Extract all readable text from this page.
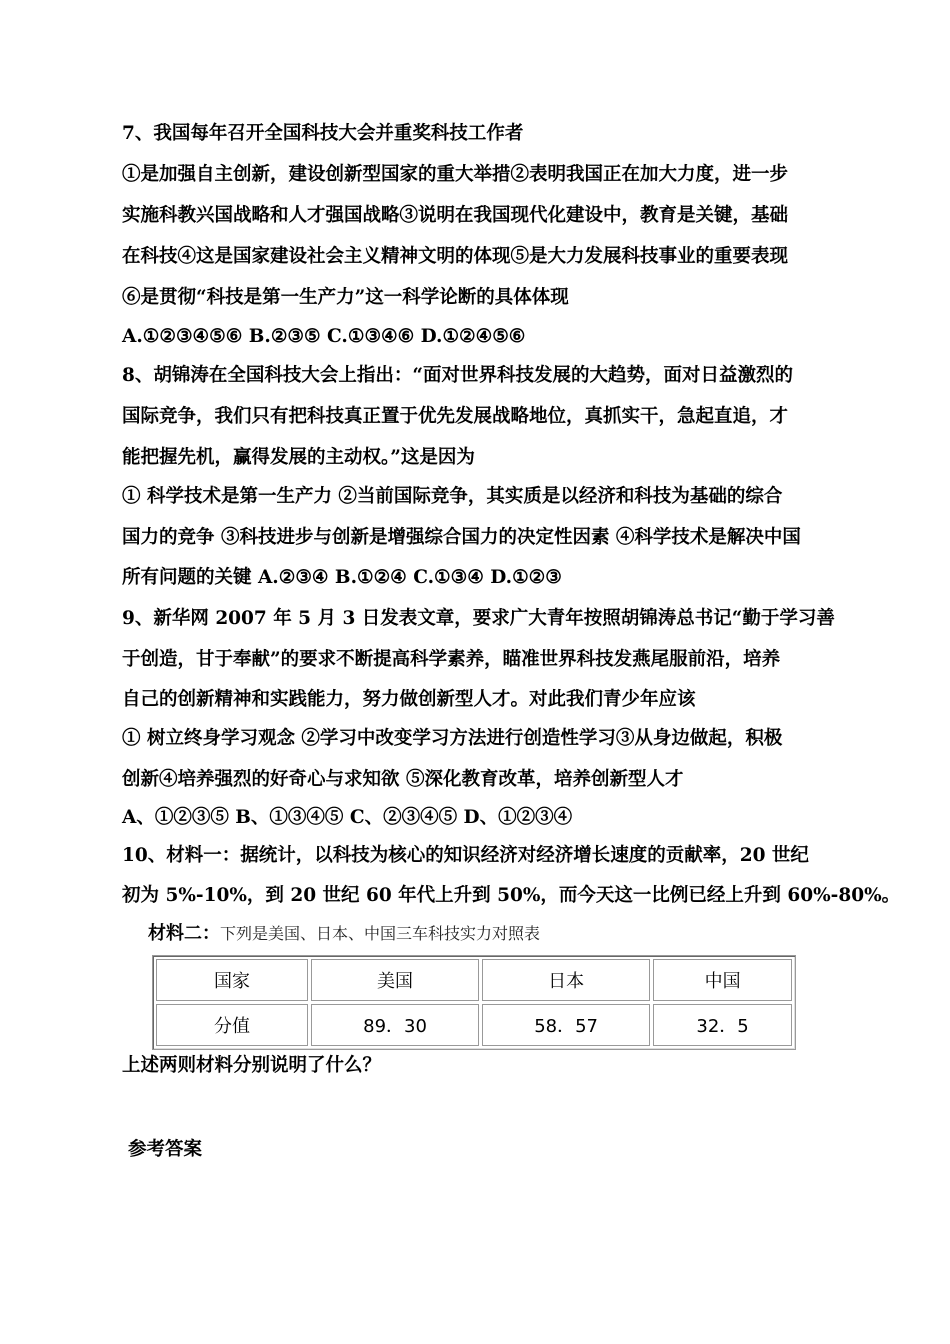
7、我国每年召开全国科技大会并重奖科技工作者
①是加强自主创新，建设创新型国家的重大举措②表明我国正在加大力度，进一步
实施科教兴国战略和人才强国战略③说明在我国现代化建设中，教育是关键，基础
在科技④这是国家建设社会主义精神文明的体现⑤是大力发展科技事业的重要表现
⑥是贯彻“科技是第一生产力”这一科学论断的具体体现
A.①②③④⑤⑥ B.②③⑤ C.①③④⑥ D.①②④⑤⑥
8、胡锦涛在全国科技大会上指出：“面对世界科技发展的大趋势，面对日益激烈的
国际竞争，我们只有把科技真正置于优先发展战略地位，真抓实干，急起直追，才
能把握先机，赢得发展的主动权。”这是因为
① 科学技术是第一生产力 ②当前国际竞争，其实质是以经济和科技为基础的综合
国力的竞争 ③科技进步与创新是增强综合国力的决定性因素 ④科学技术是解决中国
所有问题的关键 A.②③④ B.①②④ C.①③④ D.①②③
9、新华网 2007 年 5 月 3 日发表文章，要求广大青年按照胡锦涛总书记“勤于学习善
于创造，甘于奉献”的要求不断提高科学素养，瞄准世界科技发燕尾服前沿，培养
自己的创新精神和实践能力，努力做创新型人才。对此我们青少年应该
① 树立终身学习观念 ②学习中改变学习方法进行创造性学习③从身边做起，积极
创新④培养强烈的好奇心与求知欲 ⑤深化教育改革，培养创新型人才
A、①②③⑤ B、①③④⑤ C、②③④⑤ D、①②③④
10、材料一：据统计，以科技为核心的知识经济对经济增长速度的贡献率，20 世纪
初为 5%-10%，到 20 世纪 60 年代上升到 50%，而今天这一比例已经上升到 60%-80%。
材料二：下列是美国、日本、中国三车科技实力对照表
国家	美国	日本	中国
分值	89．30	58．57	32．5
上述两则材料分别说明了什么？
参考答案
